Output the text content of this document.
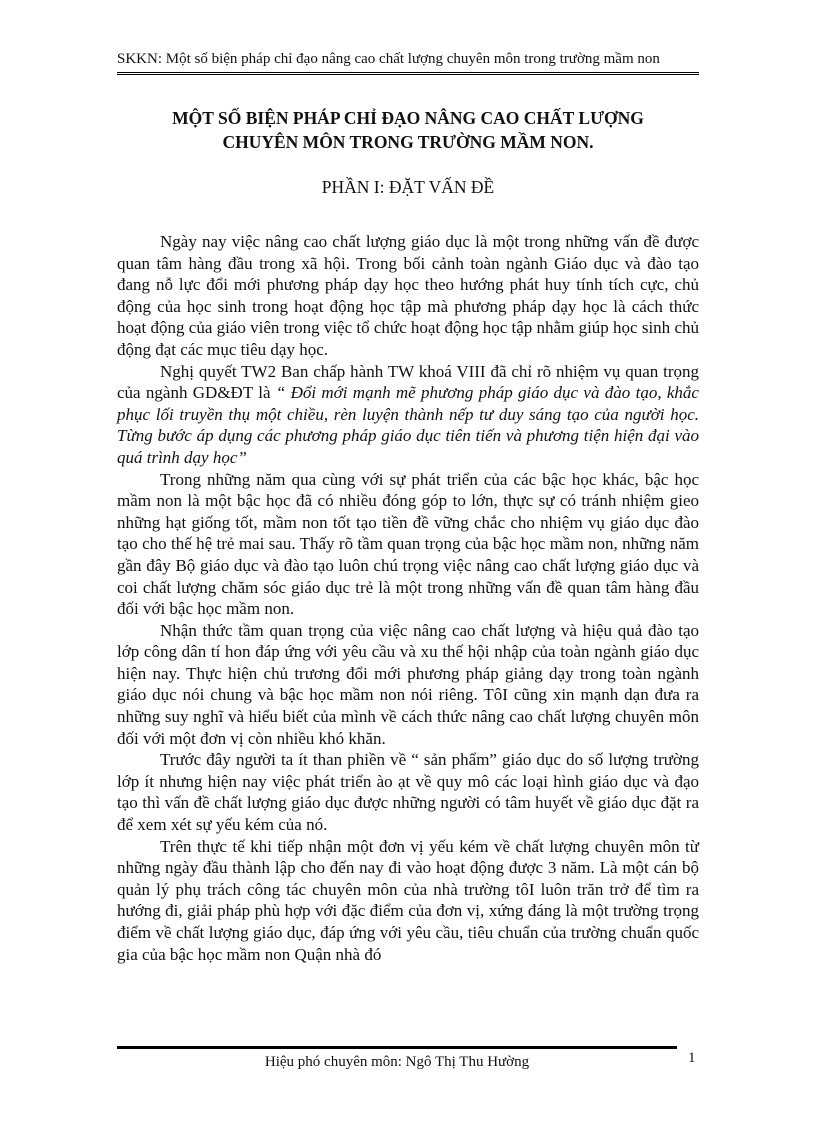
SKKN: Một số biện pháp chỉ đạo nâng cao chất lượng chuyên môn trong trường mầm non
MỘT SỐ BIỆN PHÁP CHỈ ĐẠO NÂNG CAO CHẤT LƯỢNG
CHUYÊN MÔN TRONG TRƯỜNG MẦM NON.
PHẦN I: ĐẶT VẤN ĐỀ

Ngày nay việc nâng cao chất lượng giáo dục là một trong những vấn đề được quan tâm hàng đầu trong xã hội. Trong bối cảnh toàn ngành Giáo dục và đào tạo đang nỗ lực đổi mới phương pháp dạy học theo hướng phát huy tính tích cực, chủ động của học sinh trong hoạt động học tập mà phương pháp dạy học là cách thức hoạt động của giáo viên trong việc tổ chức hoạt động học tập nhằm giúp học sinh chủ động đạt các mục tiêu dạy học.

Nghị quyết TW2 Ban chấp hành TW khoá VIII đã chỉ rõ nhiệm vụ quan trọng của ngành GD&ĐT là “ Đổi mới mạnh mẽ phương pháp giáo dục và đào tạo, khắc phục lối truyền thụ một chiều, rèn luyện thành nếp tư duy sáng tạo của người học. Từng bước áp dụng các phương pháp giáo dục tiên tiến và phương tiện hiện đại vào quá trình dạy học”

Trong những năm qua cùng với sự phát triển của các bậc học khác, bậc học mầm non là một bậc học đã có nhiều đóng góp to lớn, thực sự có tránh nhiệm gieo những hạt giống tốt, mầm non tốt tạo tiền đề vững chắc cho nhiệm vụ giáo dục đào tạo cho thế hệ trẻ mai sau. Thấy rõ tầm quan trọng của bậc học mầm non, những năm gần đây Bộ giáo dục và đào tạo luôn chú trọng việc nâng cao chất lượng giáo dục và coi chất lượng chăm sóc giáo dục trẻ là một trong những vấn đề quan tâm hàng đầu đối với bậc học mầm non.

Nhận thức tầm quan trọng của việc nâng cao chất lượng và hiệu quả đào tạo lớp công dân tí hon đáp ứng với yêu cầu và xu thế hội nhập của toàn ngành giáo dục hiện nay. Thực hiện chủ trương đổi mới phương pháp giảng dạy trong toàn ngành giáo dục nói chung và bậc học mầm non nói riêng. TôI cũng xin mạnh dạn đưa ra những suy nghĩ và hiểu biết của mình về cách thức nâng cao chất lượng chuyên môn đối với một đơn vị còn nhiều khó khăn.

Trước đây người ta ít than phiền về “ sản phẩm” giáo dục do số lượng trường lớp ít nhưng hiện nay việc phát triển ào ạt về quy mô các loại hình giáo dục và đạo tạo thì vấn đề chất lượng giáo dục được những người có tâm huyết về giáo dục đặt ra để xem xét sự yếu kém của nó.

Trên thực tế khi tiếp nhận một đơn vị yếu kém về chất lượng chuyên môn từ những ngày đầu thành lập cho đến nay đi vào hoạt động được 3 năm. Là một cán bộ quản lý phụ trách công tác chuyên môn của nhà trường tôI luôn trăn trở để tìm ra hướng đi, giải pháp phù hợp với đặc điểm của đơn vị, xứng đáng là một trường trọng điểm về chất lượng giáo dục, đáp ứng với yêu cầu, tiêu chuẩn của trường chuẩn quốc gia của bậc học mầm non Quận nhà đó

Hiệu phó chuyên môn: Ngô Thị Thu Hường	1
